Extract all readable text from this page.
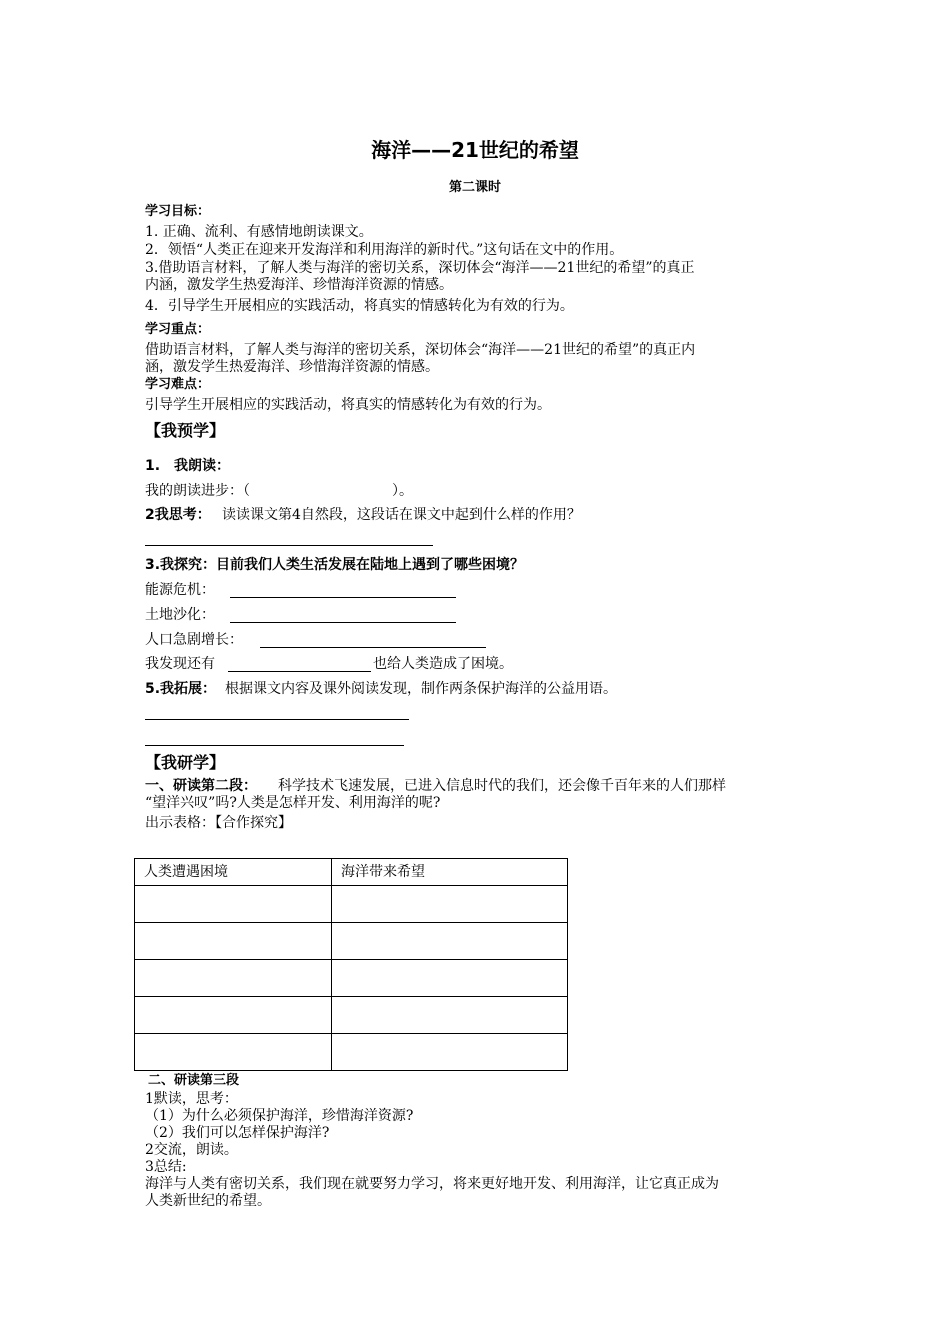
海洋——21世纪的希望
第二课时
学习目标：
1. 正确、流利、有感情地朗读课文。
2．领悟“人类正在迎来开发海洋和利用海洋的新时代。”这句话在文中的作用。
3.借助语言材料，了解人类与海洋的密切关系，深切体会“海洋——21世纪的希望”的真正
内涵，激发学生热爱海洋、珍惜海洋资源的情感。
4．引导学生开展相应的实践活动，将真实的情感转化为有效的行为。
学习重点：
借助语言材料，了解人类与海洋的密切关系，深切体会“海洋——21世纪的希望”的真正内
涵，激发学生热爱海洋、珍惜海洋资源的情感。
学习难点：
引导学生开展相应的实践活动，将真实的情感转化为有效的行为。
【我预学】
1.　我朗读：
我的朗读进步：（	）。
2我思考： 读读课文第4自然段，这段话在课文中起到什么样的作用？
3.我探究：目前我们人类生活发展在陆地上遇到了哪些困境？
能源危机：
土地沙化：
人口急剧增长：
我发现还有	也给人类造成了困境。
5.我拓展： 根据课文内容及课外阅读发现，制作两条保护海洋的公益用语。
【我研学】
一、研读第二段： 科学技术飞速发展，已进入信息时代的我们，还会像千百年来的人们那样
“望洋兴叹”吗?人类是怎样开发、利用海洋的呢?
出示表格：【合作探究】
人类遭遇困境	海洋带来希望

二、研读第三段
1默读，思考：
（1）为什么必须保护海洋，珍惜海洋资源?
（2）我们可以怎样保护海洋?
2交流，朗读。
3总结:
海洋与人类有密切关系，我们现在就要努力学习，将来更好地开发、利用海洋，让它真正成为
人类新世纪的希望。
